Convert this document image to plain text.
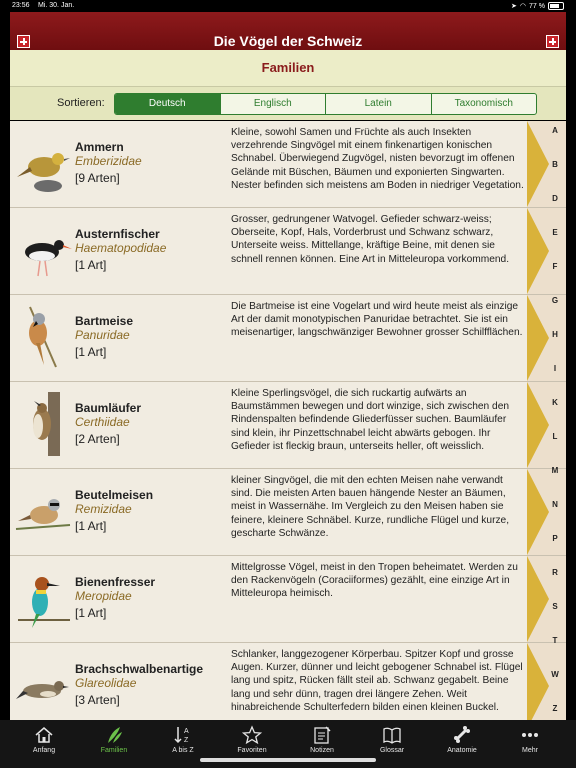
23:56 Mi. 30. Jan.	➤ ◠ 77 %
Die Vögel der Schweiz
Familien
Sortieren:	Deutsch	Englisch	Latein	Taxonomisch
Ammern
Emberizidae
[9 Arten]
Kleine, sowohl Samen und Früchte als auch Insekten verzehrende Singvögel mit einem finkenartigen konischen Schnabel. Überwiegend Zugvögel, nisten bevorzugt im offenen Gelände mit Büschen, Bäumen und exponierten Singwarten. Nester befinden sich meistens am Boden in niedriger Vegetation.
Austernfischer
Haematopodidae
[1 Art]
Grosser, gedrungener Watvogel. Gefieder schwarz-weiss; Oberseite, Kopf, Hals, Vorderbrust und Schwanz schwarz, Unterseite weiss. Mittellange, kräftige Beine, mit denen sie schnell rennen können. Eine Art in Mitteleuropa vorkommend.
Bartmeise
Panuridae
[1 Art]
Die Bartmeise ist eine Vogelart und wird heute meist als einzige Art der damit monotypischen Panuridae betrachtet. Sie ist ein meisenartiger, langschwänziger Bewohner grosser Schilfflächen.
Baumläufer
Certhiidae
[2 Arten]
Kleine Sperlingsvögel, die sich ruckartig aufwärts an Baumstämmen bewegen und dort winzige, sich zwischen den Rindenspalten befindende Gliederfüsser suchen. Baumläufer sind klein, ihr Pinzettschnabel leicht abwärts gebogen. Ihr Gefieder ist fleckig braun, unterseits heller, oft weisslich.
Beutelmeisen
Remizidae
[1 Art]
kleiner Singvögel, die mit den echten Meisen nahe verwandt sind. Die meisten Arten bauen hängende Nester an Bäumen, meist in Wassernähe. Im Vergleich zu den Meisen haben sie feinere, kleinere Schnäbel. Kurze, rundliche Flügel und kurze, gescharte Schwänze.
Bienenfresser
Meropidae
[1 Art]
Mittelgrosse Vögel, meist in den Tropen beheimatet. Werden zu den Rackenvögeln (Coraciiformes) gezählt, eine einzige Art in Mitteleuropa heimisch.
Brachschwalbenartige
Glareolidae
[3 Arten]
Schlanker, langgezogener Körperbau. Spitzer Kopf und grosse Augen. Kurzer, dünner und leicht gebogener Schnabel ist. Flügel lang und spitz, Rücken fällt steil ab. Schwanz gegabelt. Beine lang und sehr dünn, tragen drei längere Zehen. Weit hinabreichende Schulterfedern bilden einen kleinen Buckel.
A
B
D
E
F
G
H
I
K
L
M
N
P
R
S
T
W
Z
Anfang	Familien
A
Z
A bis Z	Favoriten	Notizen	Glossar	Anatomie	Mehr
